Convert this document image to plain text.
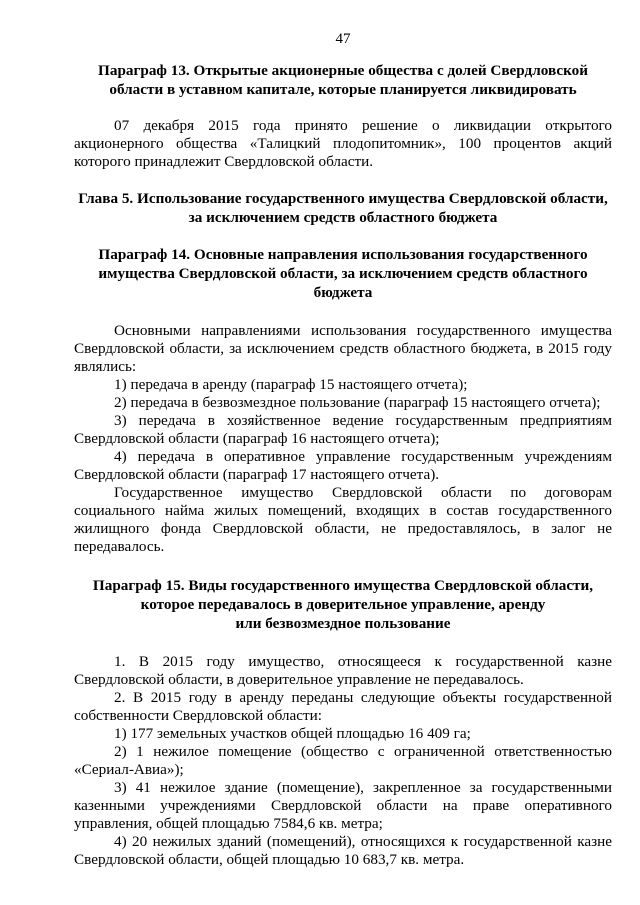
47
Параграф 13. Открытые акционерные общества с долей Свердловской
области в уставном капитале, которые планируется ликвидировать

07 декабря 2015 года принято решение о ликвидации открытого акционерного общества «Талицкий плодопитомник», 100 процентов акций которого принадлежит Свердловской области.

Глава 5. Использование государственного имущества Свердловской области,
за исключением средств областного бюджета
Параграф 14. Основные направления использования государственного
имущества Свердловской области, за исключением средств областного
бюджета

Основными направлениями использования государственного имущества Свердловской области, за исключением средств областного бюджета, в 2015 году являлись:

1) передача в аренду (параграф 15 настоящего отчета);

2) передача в безвозмездное пользование (параграф 15 настоящего отчета);

3) передача в хозяйственное ведение государственным предприятиям Свердловской области (параграф 16 настоящего отчета);

4) передача в оперативное управление государственным учреждениям Свердловской области (параграф 17 настоящего отчета).

Государственное имущество Свердловской области по договорам социального найма жилых помещений, входящих в состав государственного жилищного фонда Свердловской области, не предоставлялось, в залог не передавалось.

Параграф 15. Виды государственного имущества Свердловской области,
которое передавалось в доверительное управление, аренду
или безвозмездное пользование

1. В 2015 году имущество, относящееся к государственной казне Свердловской области, в доверительное управление не передавалось.

2. В 2015 году в аренду переданы следующие объекты государственной собственности Свердловской области:

1) 177 земельных участков общей площадью 16 409 га;

2) 1 нежилое помещение (общество с ограниченной ответственностью «Сериал-Авиа»);

3) 41 нежилое здание (помещение), закрепленное за государственными казенными учреждениями Свердловской области на праве оперативного управления, общей площадью 7584,6 кв. метра;

4) 20 нежилых зданий (помещений), относящихся к государственной казне Свердловской области, общей площадью 10 683,7 кв. метра.
